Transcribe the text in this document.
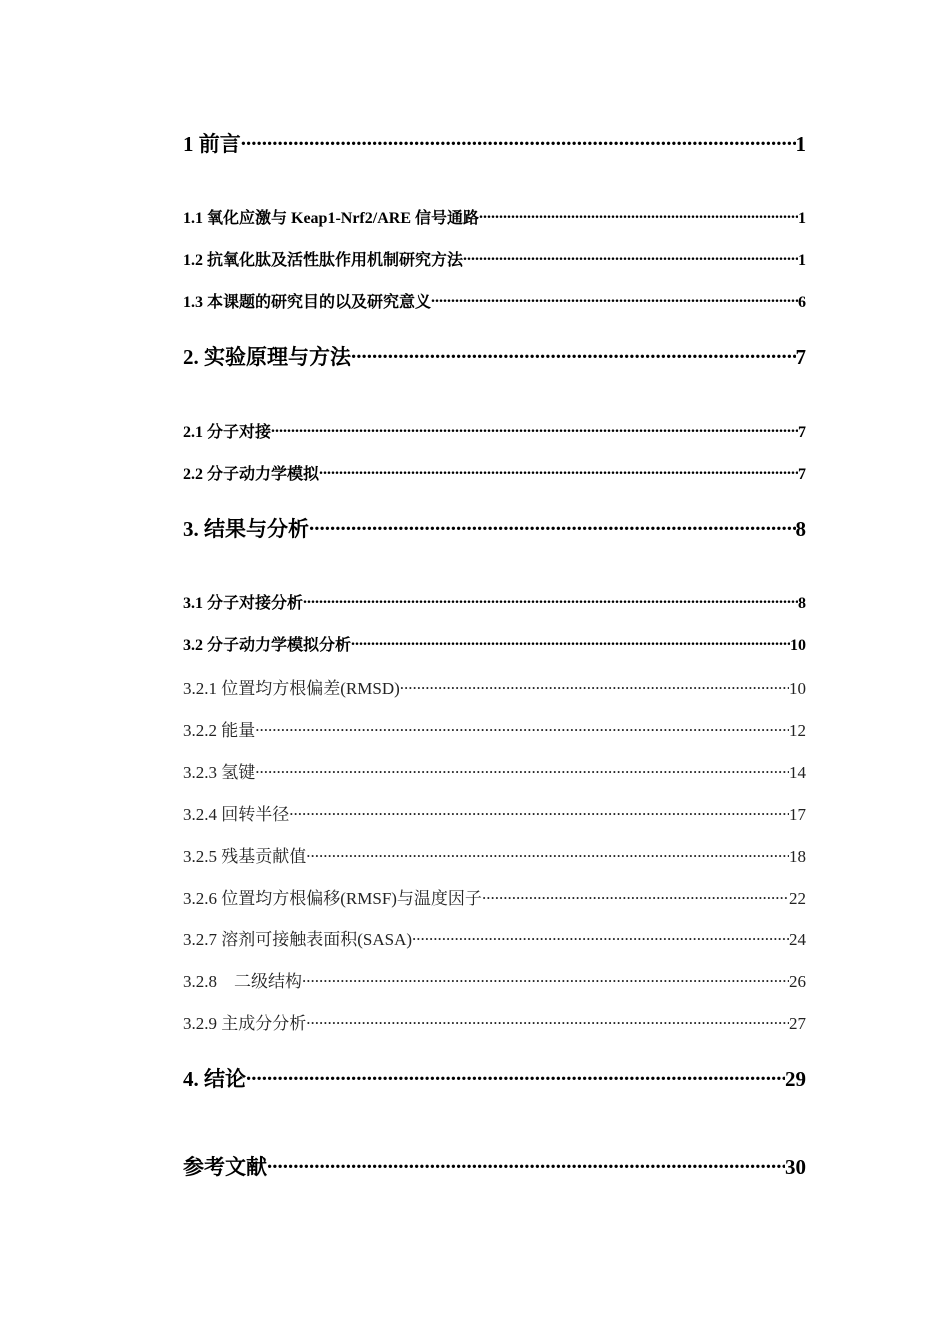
1 前言 .....	1
1.1 氧化应激与 Keap1-Nrf2/ARE 信号通路 .....	1
1.2 抗氧化肽及活性肽作用机制研究方法 .....	1
1.3 本课题的研究目的以及研究意义 .....	6
2. 实验原理与方法 .....	7
2.1 分子对接 .....	7
2.2 分子动力学模拟 .....	7
3. 结果与分析 .....	8
3.1 分子对接分析 .....	8
3.2 分子动力学模拟分析 .....	10
3.2.1 位置均方根偏差(RMSD) .....	10
3.2.2 能量 .....	12
3.2.3 氢键 .....	14
3.2.4 回转半径 .....	17
3.2.5 残基贡献值 .....	18
3.2.6 位置均方根偏移(RMSF)与温度因子 .....	22
3.2.7 溶剂可接触表面积(SASA) .....	24
3.2.8    二级结构 .....	26
3.2.9 主成分分析 .....	27
4. 结论 .....	29
参考文献 .....	30
